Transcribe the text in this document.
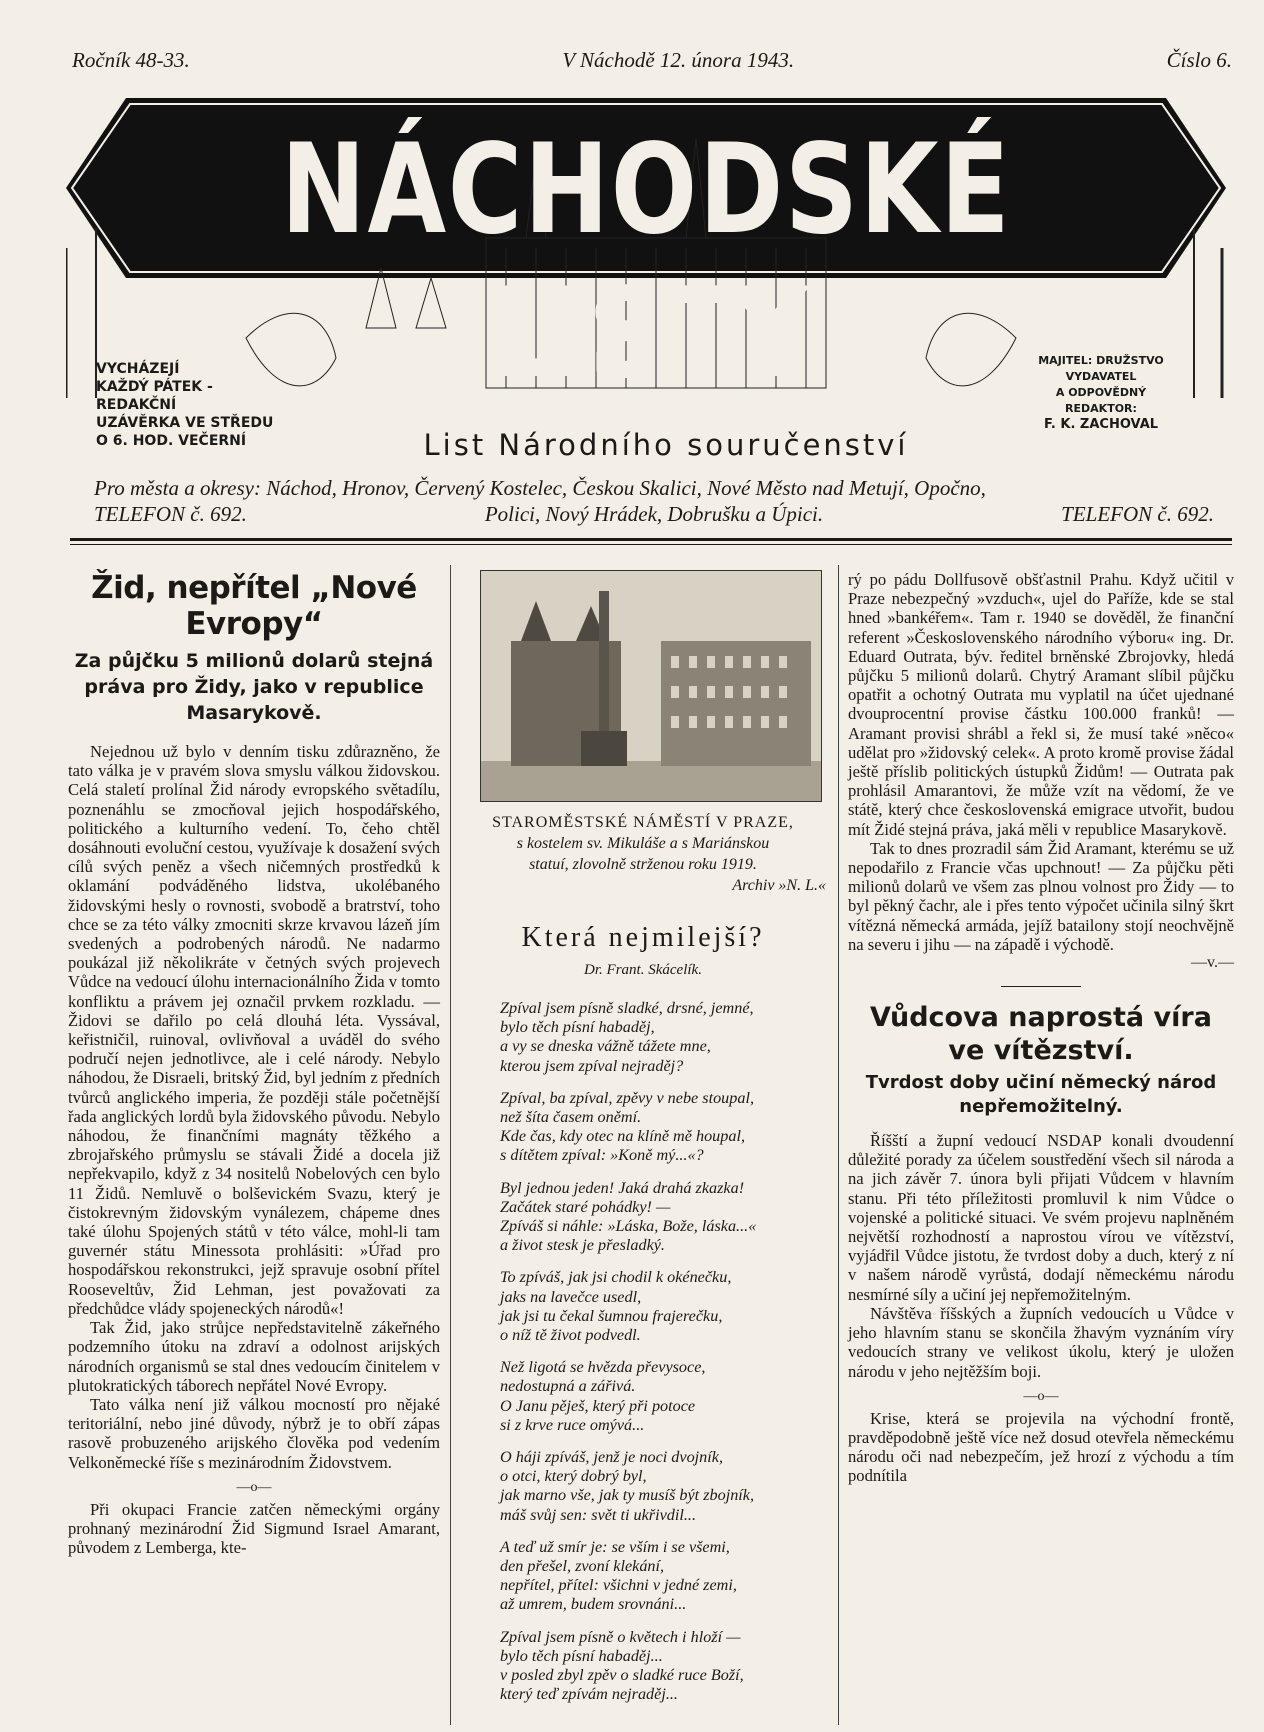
Ročník 48-33.	V Náchodě 12. února 1943.	Číslo 6.
NÁCHODSKÉ LISTY
VYCHÁZEJÍ
KAŽDÝ PÁTEK -
REDAKČNÍ
UZÁVĚRKA VE STŘEDU
O 6. HOD. VEČERNÍ
MAJITEL: DRUŽSTVO
VYDAVATEL
A ODPOVĚDNÝ
REDAKTOR:
F. K. ZACHOVAL
List Národního souručenství
Pro města a okresy: Náchod, Hronov, Červený Kostelec, Českou Skalici, Nové Město nad Metují, Opočno,
TELEFON č. 692.	Polici, Nový Hrádek, Dobrušku a Úpici.	TELEFON č. 692.
Žid, nepřítel „Nové Evropy“
Za půjčku 5 milionů dolarů stejná práva pro Židy, jako v republice Masarykově.

Nejednou už bylo v denním tisku zdůrazněno, že tato válka je v pravém slova smyslu válkou židovskou. Celá staletí prolínal Žid národy evropského světadílu, poznenáhlu se zmocňoval jejich hospodářského, politického a kulturního vedení. To, čeho chtěl dosáhnouti evoluční cestou, využívaje k dosažení svých cílů svých peněz a všech ničemných prostředků k oklamání podváděného lidstva, ukolébaného židovskými hesly o rovnosti, svobodě a bratrství, toho chce se za této války zmocniti skrze krvavou lázeň jím svedených a podrobených národů. Ne nadarmo poukázal již několikráte v četných svých projevech Vůdce na vedoucí úlohu internacionálního Žida v tomto konfliktu a právem jej označil prvkem rozkladu. — Židovi se dařilo po celá dlouhá léta. Vyssával, keřistničil, ruinoval, ovlivňoval a uváděl do svého područí nejen jednotlivce, ale i celé národy. Nebylo náhodou, že Disraeli, britský Žid, byl jedním z předních tvůrců anglického imperia, že později stále početnější řada anglických lordů byla židovského původu. Nebylo náhodou, že finančními magnáty těžkého a zbrojařského průmyslu se stávali Židé a docela již nepřekvapilo, když z 34 nositelů Nobelových cen bylo 11 Židů. Nemluvě o bolševickém Svazu, který je čistokrevným židovským vynálezem, chápeme dnes také úlohu Spojených států v této válce, mohl-li tam guvernér státu Minessota prohlásiti: »Úřad pro hospodářskou rekonstrukci, jejž spravuje osobní přítel Rooseveltův, Žid Lehman, jest považovati za předchůdce vlády spojeneckých národů«!

Tak Žid, jako strůjce nepředstavitelně zákeřného podzemního útoku na zdraví a odolnost arijských národních organismů se stal dnes vedoucím činitelem v plutokratických táborech nepřátel Nové Evropy.

Tato válka není již válkou mocností pro nějaké teritoriální, nebo jiné důvody, nýbrž je to obří zápas rasově probuzeného arijského člověka pod vedením Velkoněmecké říše s mezinárodním Židovstvem.

—o—

Při okupaci Francie zatčen německými orgány prohnaný mezinárodní Žid Sigmund Israel Amarant, původem z Lemberga, kte-

STAROMĚSTSKÉ NÁMĚSTÍ V PRAZE,
s kostelem sv. Mikuláše a s Mariánskou
statuí, zlovolně strženou roku 1919.
Archiv »N. L.«
Která nejmilejší?
Dr. Frant. Skácelík.
Zpíval jsem písně sladké, drsné, jemné,
bylo těch písní habaděj,
a vy se dneska vážně tážete mne,
kterou jsem zpíval nejraděj?
Zpíval, ba zpíval, zpěvy v nebe stoupal,
než šíta časem oněmí.
Kde čas, kdy otec na klíně mě houpal,
s dítětem zpíval: »Koně mý...«?
Byl jednou jeden! Jaká drahá zkazka!
Začátek staré pohádky! —
Zpíváš si náhle: »Láska, Bože, láska...«
a život stesk je přesladký.
To zpíváš, jak jsi chodil k okénečku,
jaks na lavečce usedl,
jak jsi tu čekal šumnou frajerečku,
o níž tě život podvedl.
Než ligotá se hvězda převysoce,
nedostupná a zářivá.
O Janu pěješ, který při potoce
si z krve ruce omývá...
O háji zpíváš, jenž je noci dvojník,
o otci, který dobrý byl,
jak marno vše, jak ty musíš být zbojník,
máš svůj sen: svět ti ukřivdil...
A teď už smír je: se vším i se všemi,
den přešel, zvoní klekání,
nepřítel, přítel: všichni v jedné zemi,
až umrem, budem srovnáni...
Zpíval jsem písně o květech i hloží —
bylo těch písní habaděj...
v posled zbyl zpěv o sladké ruce Boží,
který teď zpívám nejraděj...

rý po pádu Dollfusově obšťastnil Prahu. Když učitil v Praze nebezpečný »vzduch«, ujel do Paříže, kde se stal hned »bankéřem«. Tam r. 1940 se dověděl, že finanční referent »Československého národního výboru« ing. Dr. Eduard Outrata, býv. ředitel brněnské Zbrojovky, hledá půjčku 5 milionů dolarů. Chytrý Aramant slíbil půjčku opatřit a ochotný Outrata mu vyplatil na účet ujednané dvouprocentní provise částku 100.000 franků! — Aramant provisi shrábl a řekl si, že musí také »něco« udělat pro »židovský celek«. A proto kromě provise žádal ještě příslib politických ústupků Židům! — Outrata pak prohlásil Amarantovi, že může vzít na vědomí, že ve státě, který chce československá emigrace utvořit, budou mít Židé stejná práva, jaká měli v republice Masarykově.

Tak to dnes prozradil sám Žid Aramant, kterému se už nepodařilo z Francie včas upchnout! — Za půjčku pěti milionů dolarů ve všem zas plnou volnost pro Židy — to byl pěkný čachr, ale i přes tento výpočet učinila silný škrt vítězná německá armáda, jejíž batailony stojí neochvějně na severu i jihu — na západě i východě.

—v.—
Vůdcova naprostá víra ve vítězství.
Tvrdost doby učiní německý národ nepřemožitelný.

Říšští a župní vedoucí NSDAP konali dvoudenní důležité porady za účelem soustředění všech sil národa a na jich závěr 7. února byli přijati Vůdcem v hlavním stanu. Při této příležitosti promluvil k nim Vůdce o vojenské a politické situaci. Ve svém projevu naplněném největší rozhodností a naprostou vírou ve vítězství, vyjádřil Vůdce jistotu, že tvrdost doby a duch, který z ní v našem národě vyrůstá, dodají německému národu nesmírné síly a učiní jej nepřemožitelným.

Návštěva říšských a župních vedoucích u Vůdce v jeho hlavním stanu se skončila žhavým vyznáním víry vedoucích strany ve velikost úkolu, který je uložen národu v jeho nejtěžším boji.

—o—

Krise, která se projevila na východní frontě, pravděpodobně ještě více než dosud otevřela německému národu oči nad nebezpečím, jež hrozí z východu a tím podnítila
